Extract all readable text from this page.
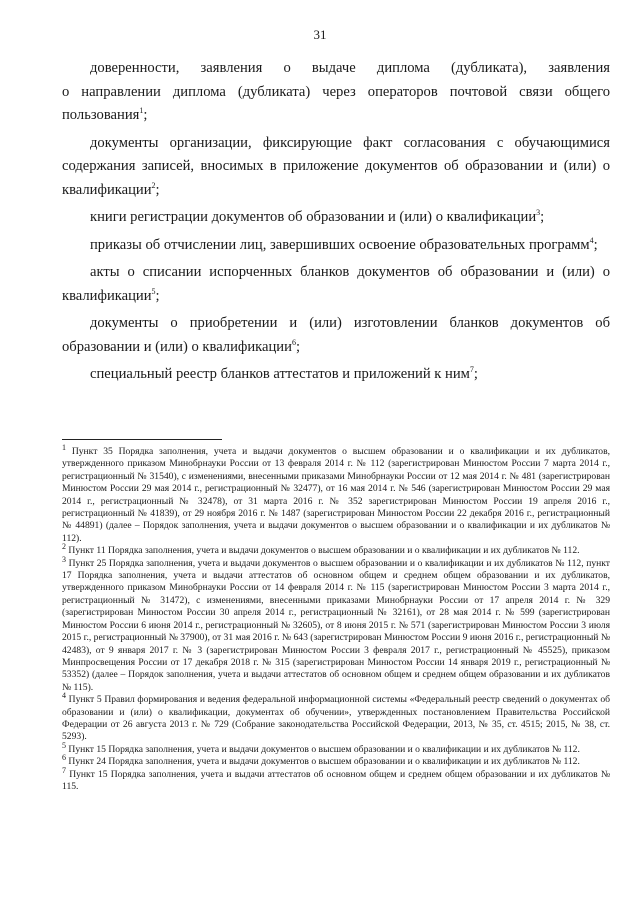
31

доверенности, заявления о выдаче диплома (дубликата), заявления

о направлении диплома (дубликата) через операторов почтовой связи общего пользования$^1$;

документы организации, фиксирующие факт согласования с обучающимися содержания записей, вносимых в приложение документов об образовании и (или) о квалификации$^2$;

книги регистрации документов об образовании и (или) о квалификации$^3$;

приказы об отчислении лиц, завершивших освоение образовательных программ$^4$;

акты о списании испорченных бланков документов об образовании и (или) о квалификации$^5$;

документы о приобретении и (или) изготовлении бланков документов об образовании и (или) о квалификации$^6$;

специальный реестр бланков аттестатов и приложений к ним$^7$;

$^1$ Пункт 35 Порядка заполнения, учета и выдачи документов о высшем образовании и о квалификации и их дубликатов, утвержденного приказом Минобрнауки России от 13 февраля 2014 г. № 112 (зарегистрирован Минюстом России 7 марта 2014 г., регистрационный № 31540), с изменениями, внесенными приказами Минобрнауки России от 12 мая 2014 г. № 481 (зарегистрирован Минюстом России 29 мая 2014 г., регистрационный № 32477), от 16 мая 2014 г. № 546 (зарегистрирован Минюстом России 29 мая 2014 г., регистрационный № 32478), от 31 марта 2016 г. № 352 зарегистрирован Минюстом России 19 апреля 2016 г., регистрационный № 41839), от 29 ноября 2016 г. № 1487 (зарегистрирован Минюстом России 22 декабря 2016 г., регистрационный № 44891) (далее – Порядок заполнения, учета и выдачи документов о высшем образовании и о квалификации и их дубликатов № 112).

$^2$ Пункт 11 Порядка заполнения, учета и выдачи документов о высшем образовании и о квалификации и их дубликатов № 112.

$^3$ Пункт 25 Порядка заполнения, учета и выдачи документов о высшем образовании и о квалификации и их дубликатов № 112, пункт 17 Порядка заполнения, учета и выдачи аттестатов об основном общем и среднем общем образовании и их дубликатов, утвержденного приказом Минобрнауки России от 14 февраля 2014 г. № 115 (зарегистрирован Минюстом России 3 марта 2014 г., регистрационный № 31472), с изменениями, внесенными приказами Минобрнауки России от 17 апреля 2014 г. № 329 (зарегистрирован Минюстом России 30 апреля 2014 г., регистрационный № 32161), от 28 мая 2014 г. № 599 (зарегистрирован Минюстом России 6 июня 2014 г., регистрационный № 32605), от 8 июня 2015 г. № 571 (зарегистрирован Минюстом России 3 июля 2015 г., регистрационный № 37900), от 31 мая 2016 г. № 643 (зарегистрирован Минюстом России 9 июня 2016 г., регистрационный № 42483), от 9 января 2017 г. № 3 (зарегистрирован Минюстом России 3 февраля 2017 г., регистрационный № 45525), приказом Минпросвещения России от 17 декабря 2018 г. № 315 (зарегистрирован Минюстом России 14 января 2019 г., регистрационный № 53352) (далее – Порядок заполнения, учета и выдачи аттестатов об основном общем и среднем общем образовании и их дубликатов № 115).

$^4$ Пункт 5 Правил формирования и ведения федеральной информационной системы «Федеральный реестр сведений о документах об образовании и (или) о квалификации, документах об обучении», утвержденных постановлением Правительства Российской Федерации от 26 августа 2013 г. № 729 (Собрание законодательства Российской Федерации, 2013, № 35, ст. 4515; 2015, № 38, ст. 5293).

$^5$ Пункт 15 Порядка заполнения, учета и выдачи документов о высшем образовании и о квалификации и их дубликатов № 112.

$^6$ Пункт 24 Порядка заполнения, учета и выдачи документов о высшем образовании и о квалификации и их дубликатов № 112.

$^7$ Пункт 15 Порядка заполнения, учета и выдачи аттестатов об основном общем и среднем общем образовании и их дубликатов № 115.
